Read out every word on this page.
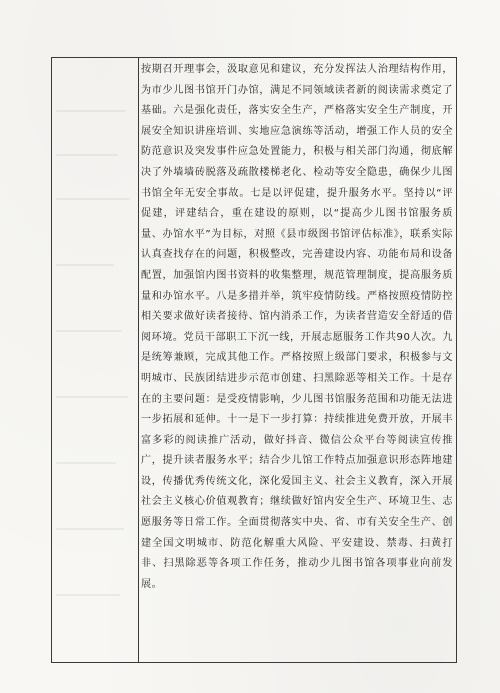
按期召开理事会，汲取意见和建议，充分发挥法人治理结构作用，为市少儿图书馆开门办馆，满足不同领域读者新的阅读需求奠定了基础。六是强化责任，落实安全生产，严格落实安全生产制度，开展安全知识讲座培训、实地应急演练等活动，增强工作人员的安全防范意识及突发事件应急处置能力，积极与相关部门沟通，彻底解决了外墙墙砖脱落及疏散楼梯老化、检动等安全隐患，确保少儿图书馆全年无安全事故。七是以评促建，提升服务水平。坚持以“评促建，评建结合，重在建设的原则，以“提高少儿图书馆服务质量、办馆水平”为目标，对照《县市级图书馆评估标准》，联系实际认真查找存在的问题，积极整改，完善建设内容、功能布局和设备配置，加强馆内图书资料的收集整理，规范管理制度，提高服务质量和办馆水平。八是多措并举，筑牢疫情防线。严格按照疫情防控相关要求做好读者接待、馆内消杀工作，为读者营造安全舒适的借阅环境。党员干部职工下沉一线，开展志愿服务工作共90人次。九是统筹兼顾，完成其他工作。严格按照上级部门要求，积极参与文明城市、民族团结进步示范市创建、扫黑除恶等相关工作。十是存在的主要问题：是受疫情影响，少儿图书馆服务范围和功能无法进一步拓展和延伸。十一是下一步打算：持续推进免费开放，开展丰富多彩的阅读推广活动，做好抖音、微信公众平台等阅读宣传推广，提升读者服务水平；结合少儿馆工作特点加强意识形态阵地建设，传播优秀传统文化，深化爱国主义、社会主义教育，深入开展社会主义核心价值观教育；继续做好馆内安全生产、环境卫生、志愿服务等日常工作。全面贯彻落实中央、省、市有关安全生产、创建全国文明城市、防范化解重大风险、平安建设、禁毒、扫黄打非、扫黑除恶等各项工作任务，推动少儿图书馆各项事业向前发展。
